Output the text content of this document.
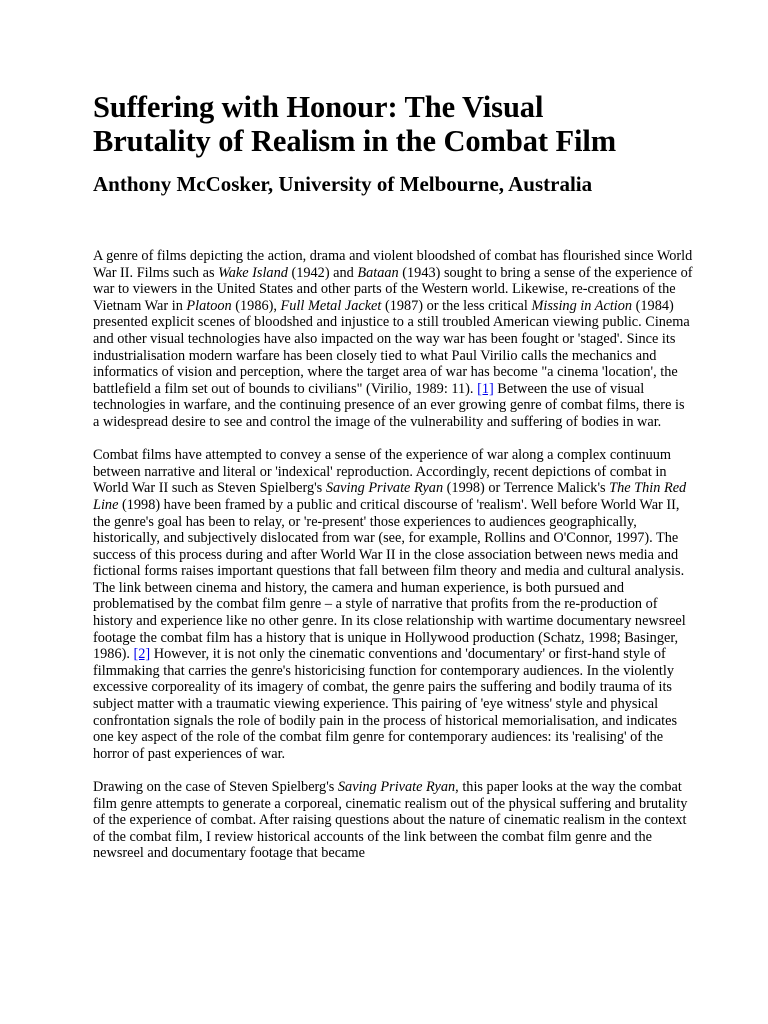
Suffering with Honour: The Visual
Brutality of Realism in the Combat Film

Anthony McCosker, University of Melbourne, Australia

A genre of films depicting the action, drama and violent bloodshed of combat has flourished since World War II. Films such as Wake Island (1942) and Bataan (1943) sought to bring a sense of the experience of war to viewers in the United States and other parts of the Western world. Likewise, re-creations of the Vietnam War in Platoon (1986), Full Metal Jacket (1987) or the less critical Missing in Action (1984) presented explicit scenes of bloodshed and injustice to a still troubled American viewing public. Cinema and other visual technologies have also impacted on the way war has been fought or 'staged'. Since its industrialisation modern warfare has been closely tied to what Paul Virilio calls the mechanics and informatics of vision and perception, where the target area of war has become "a cinema 'location', the battlefield a film set out of bounds to civilians" (Virilio, 1989: 11). [1] Between the use of visual technologies in warfare, and the continuing presence of an ever growing genre of combat films, there is a widespread desire to see and control the image of the vulnerability and suffering of bodies in war.

Combat films have attempted to convey a sense of the experience of war along a complex continuum between narrative and literal or 'indexical' reproduction. Accordingly, recent depictions of combat in World War II such as Steven Spielberg's Saving Private Ryan (1998) or Terrence Malick's The Thin Red Line (1998) have been framed by a public and critical discourse of 'realism'. Well before World War II, the genre's goal has been to relay, or 're-present' those experiences to audiences geographically, historically, and subjectively dislocated from war (see, for example, Rollins and O'Connor, 1997). The success of this process during and after World War II in the close association between news media and fictional forms raises important questions that fall between film theory and media and cultural analysis. The link between cinema and history, the camera and human experience, is both pursued and problematised by the combat film genre – a style of narrative that profits from the re-production of history and experience like no other genre. In its close relationship with wartime documentary newsreel footage the combat film has a history that is unique in Hollywood production (Schatz, 1998; Basinger, 1986). [2] However, it is not only the cinematic conventions and 'documentary' or first-hand style of filmmaking that carries the genre's historicising function for contemporary audiences. In the violently excessive corporeality of its imagery of combat, the genre pairs the suffering and bodily trauma of its subject matter with a traumatic viewing experience. This pairing of 'eye witness' style and physical confrontation signals the role of bodily pain in the process of historical memorialisation, and indicates one key aspect of the role of the combat film genre for contemporary audiences: its 'realising' of the horror of past experiences of war.

Drawing on the case of Steven Spielberg's Saving Private Ryan, this paper looks at the way the combat film genre attempts to generate a corporeal, cinematic realism out of the physical suffering and brutality of the experience of combat. After raising questions about the nature of cinematic realism in the context of the combat film, I review historical accounts of the link between the combat film genre and the newsreel and documentary footage that became
